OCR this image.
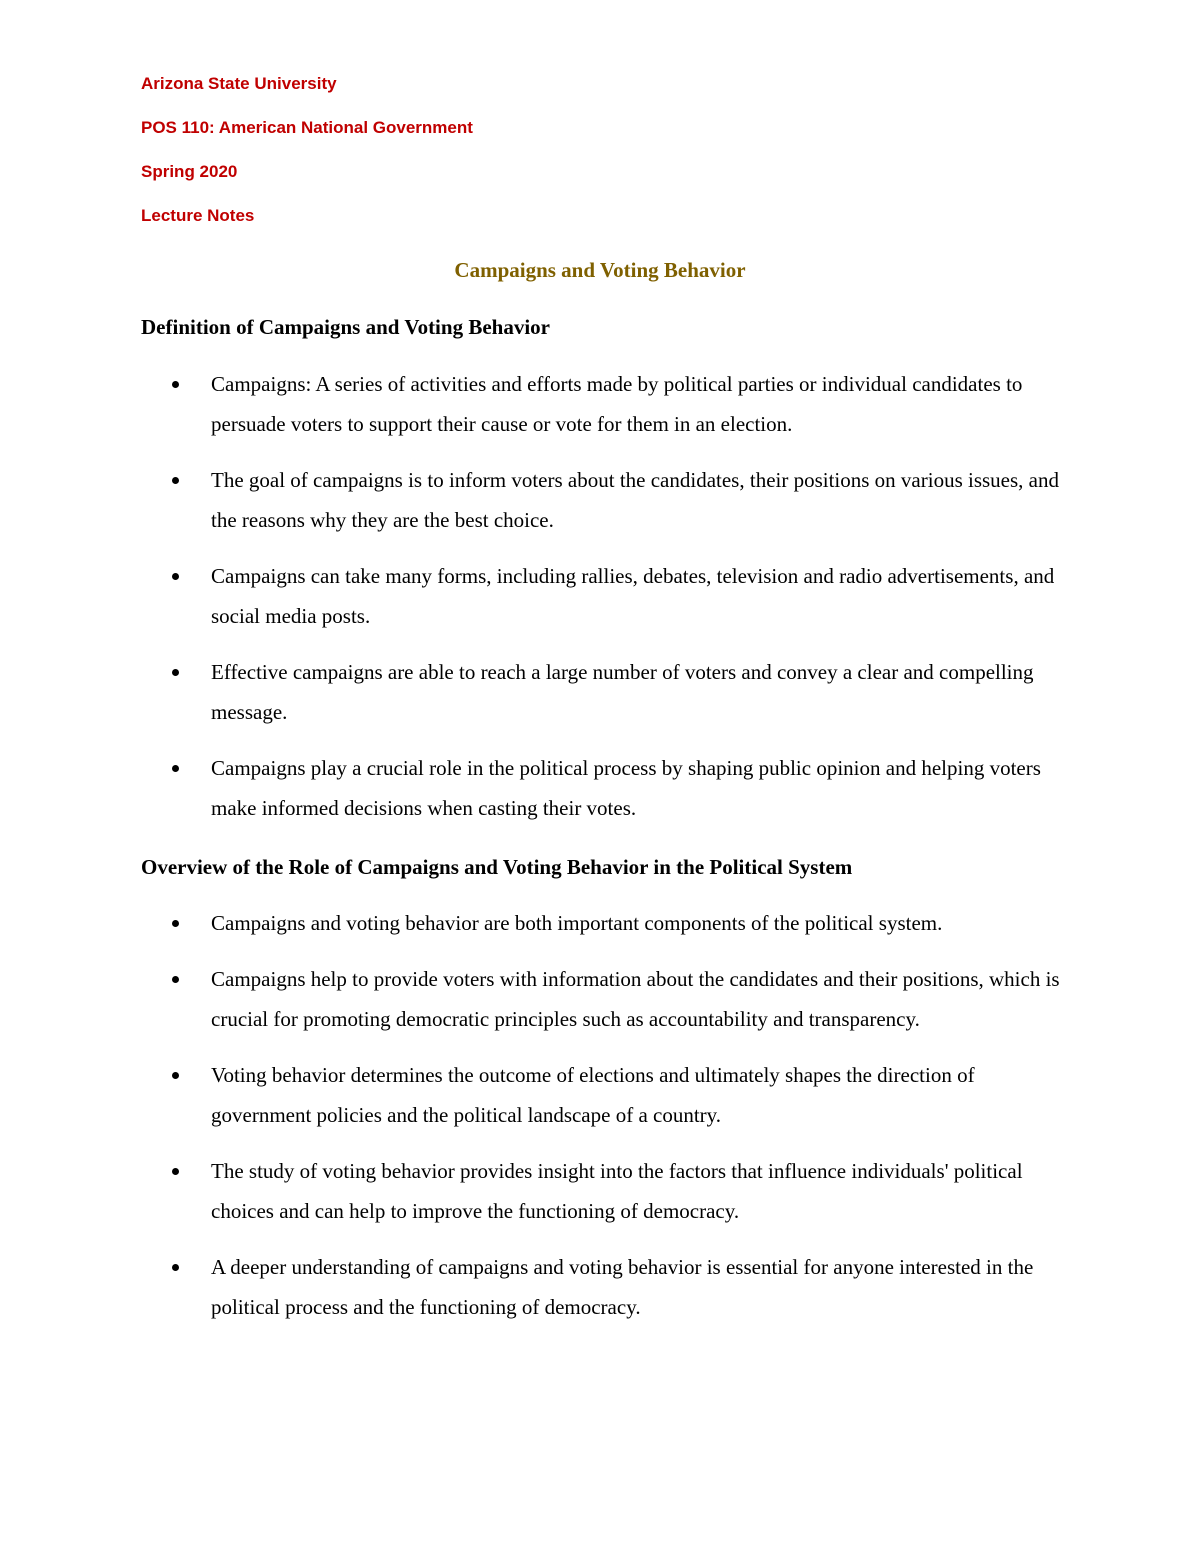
Arizona State University
POS 110: American National Government
Spring 2020
Lecture Notes
Campaigns and Voting Behavior
Definition of Campaigns and Voting Behavior
Campaigns: A series of activities and efforts made by political parties or individual candidates to persuade voters to support their cause or vote for them in an election.
The goal of campaigns is to inform voters about the candidates, their positions on various issues, and the reasons why they are the best choice.
Campaigns can take many forms, including rallies, debates, television and radio advertisements, and social media posts.
Effective campaigns are able to reach a large number of voters and convey a clear and compelling message.
Campaigns play a crucial role in the political process by shaping public opinion and helping voters make informed decisions when casting their votes.
Overview of the Role of Campaigns and Voting Behavior in the Political System
Campaigns and voting behavior are both important components of the political system.
Campaigns help to provide voters with information about the candidates and their positions, which is crucial for promoting democratic principles such as accountability and transparency.
Voting behavior determines the outcome of elections and ultimately shapes the direction of government policies and the political landscape of a country.
The study of voting behavior provides insight into the factors that influence individuals' political choices and can help to improve the functioning of democracy.
A deeper understanding of campaigns and voting behavior is essential for anyone interested in the political process and the functioning of democracy.
